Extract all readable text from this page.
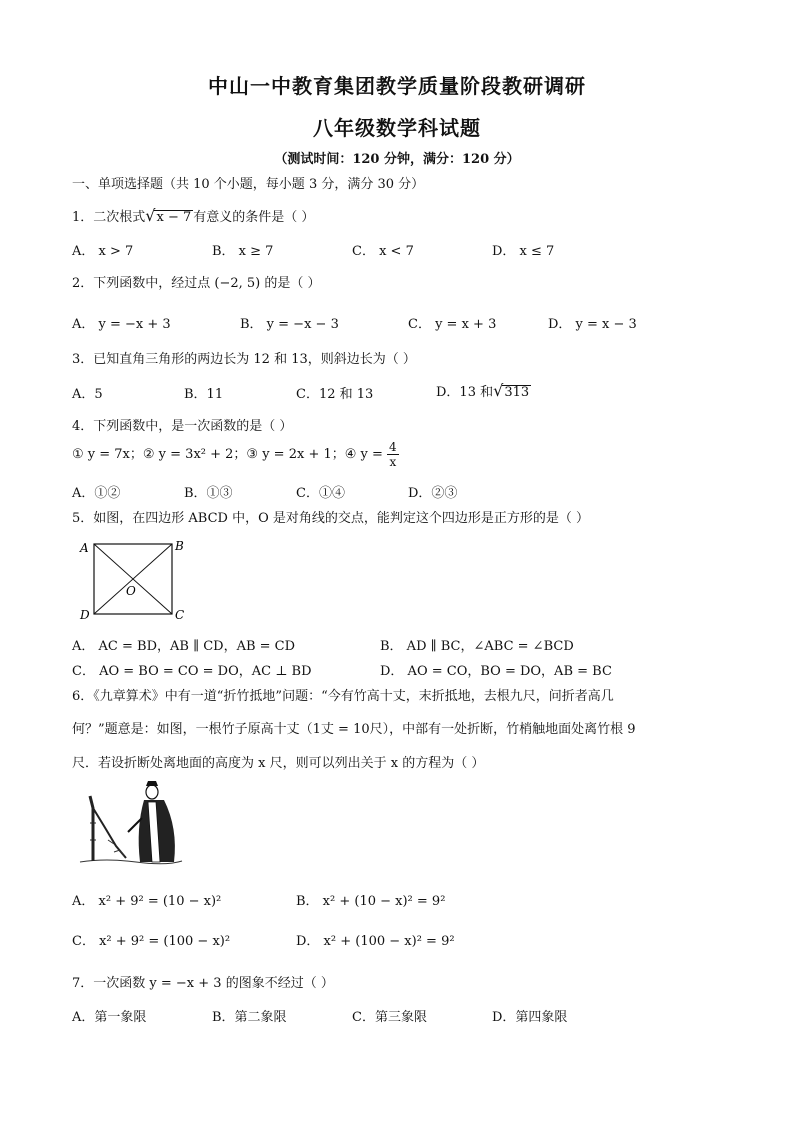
中山一中教育集团教学质量阶段教研调研
八年级数学科试题
（测试时间：120 分钟，满分：120 分）
一、单项选择题（共 10 个小题，每小题 3 分，满分 30 分）
1．二次根式√x − 7 有意义的条件是（ ）
A． x > 7	B． x ≥ 7	C． x < 7	D． x ≤ 7
2．下列函数中，经过点 (−2, 5) 的是（ ）
A． y = −x + 3	B． y = −x − 3	C． y = x + 3	D． y = x − 3
3．已知直角三角形的两边长为 12 和 13，则斜边长为（ ）
A．5	B．11	C．12 和 13	D．13 和√313
4．下列函数中，是一次函数的是（ ）
① y = 7x；② y = 3x² + 2；③ y = 2x + 1；④ $y = \frac{4}{x}$
A．①②	B．①③	C．①④	D．②③
5．如图，在四边形 ABCD 中，O 是对角线的交点，能判定这个四边形是正方形的是（ ）
A	B
C
D
O
A． AC = BD，AB ∥ CD，AB = CD	B． AD ∥ BC，∠ABC = ∠BCD
C． AO = BO = CO = DO，AC ⊥ BD	D． AO = CO，BO = DO，AB = BC
6．《九章算术》中有一道“折竹抵地”问题：“今有竹高十丈，末折抵地，去根九尺，问折者高几
何？”题意是：如图，一根竹子原高十丈（1丈 = 10尺），中部有一处折断，竹梢触地面处离竹根 9
尺．若设折断处离地面的高度为 x 尺，则可以列出关于 x 的方程为（ ）
A． x² + 9² = (10 − x)²	B． x² + (10 − x)² = 9²
C． x² + 9² = (100 − x)²	D． x² + (100 − x)² = 9²
7．一次函数 y = −x + 3 的图象不经过（ ）
A．第一象限	B．第二象限	C．第三象限	D．第四象限
